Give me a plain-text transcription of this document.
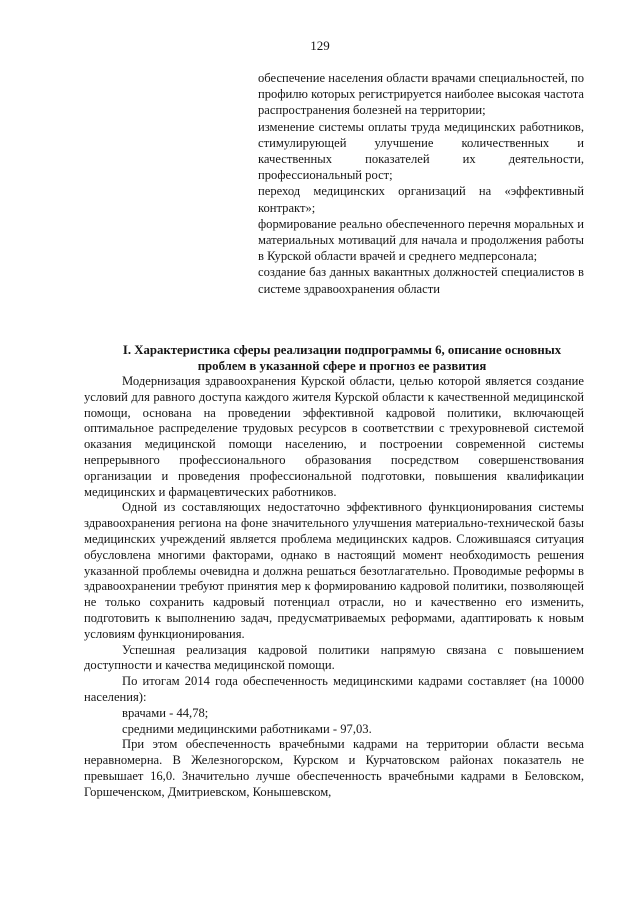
129

обеспечение населения области врачами специальностей, по профилю которых регистрируется наиболее высокая частота распространения болезней на территории;

изменение системы оплаты труда медицинских работников, стимулирующей улучшение количественных и качественных показателей их деятельности, профессиональный рост;

переход медицинских организаций на «эффективный контракт»;

формирование реально обеспеченного перечня моральных и материальных мотиваций для начала и продолжения работы в Курской области врачей и среднего медперсонала;

создание баз данных вакантных должностей специалистов в системе здравоохранения области

I. Характеристика сферы реализации подпрограммы 6, описание основных проблем в указанной сфере и прогноз ее развития

Модернизация здравоохранения Курской области, целью которой является создание условий для равного доступа каждого жителя Курской области к качественной медицинской помощи, основана на проведении эффективной кадровой политики, включающей оптимальное распределение трудовых ресурсов в соответствии с трехуровневой системой оказания медицинской помощи населению, и построении современной системы непрерывного профессионального образования посредством совершенствования организации и проведения профессиональной подготовки, повышения квалификации медицинских и фармацевтических работников.

Одной из составляющих недостаточно эффективного функционирования системы здравоохранения региона на фоне значительного улучшения материально-технической базы медицинских учреждений является проблема медицинских кадров. Сложившаяся ситуация обусловлена многими факторами, однако в настоящий момент необходимость решения указанной проблемы очевидна и должна решаться безотлагательно. Проводимые реформы в здравоохранении требуют принятия мер к формированию кадровой политики, позволяющей не только сохранить кадровый потенциал отрасли, но и качественно его изменить, подготовить к выполнению задач, предусматриваемых реформами, адаптировать к новым условиям функционирования.

Успешная реализация кадровой политики напрямую связана с повышением доступности и качества медицинской помощи.

По итогам 2014 года обеспеченность медицинскими кадрами составляет (на 10000 населения):

врачами - 44,78;

средними медицинскими работниками - 97,03.

При этом обеспеченность врачебными кадрами на территории области весьма неравномерна. В Железногорском, Курском и Курчатовском районах показатель не превышает 16,0. Значительно лучше обеспеченность врачебными кадрами в Беловском, Горшеченском, Дмитриевском, Конышевском,
